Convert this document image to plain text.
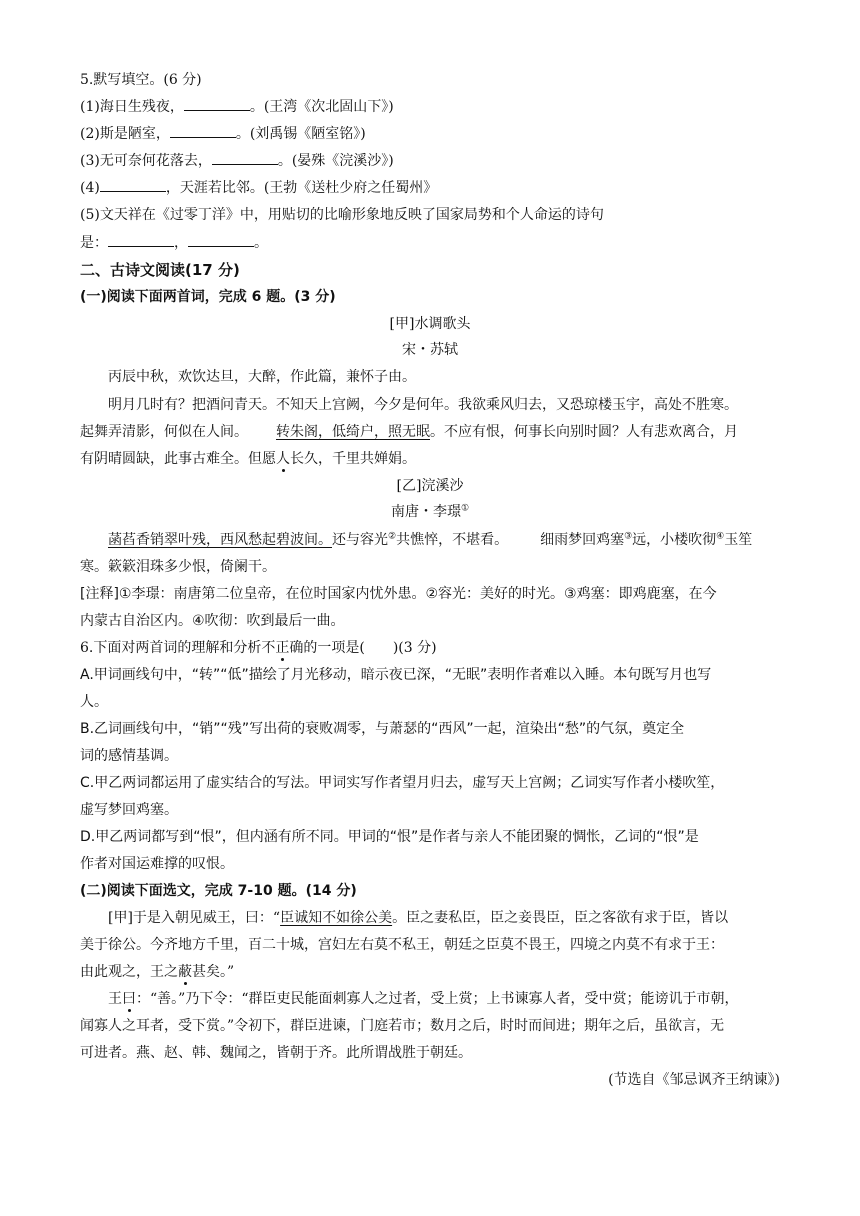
5.默写填空。(6 分)
(1)海日生残夜，	。(王湾《次北固山下》)
(2)斯是陋室，	。(刘禹锡《陋室铭》)
(3)无可奈何花落去，	。(晏殊《浣溪沙》)
(4)	，天涯若比邻。(王勃《送杜少府之任蜀州》
(5)文天祥在《过零丁洋》中，用贴切的比喻形象地反映了国家局势和个人命运的诗句
是：	，	。
二、古诗文阅读(17 分)
(一)阅读下面两首词，完成 6 题。(3 分)
[甲]水调歌头
宋・苏轼
丙辰中秋，欢饮达旦，大醉，作此篇，兼怀子由。
明月几时有？把酒问青天。不知天上宫阙，今夕是何年。我欲乘风归去，又恐琼楼玉宇，高处不胜寒。
起舞弄清影，何似在人间。 转朱阁，低绮户，照无眠。不应有恨，何事长向别时圆？人有悲欢离合，月
有阴晴圆缺，此事古难全。但愿人长久，千里共婵娟。
[乙]浣溪沙
南唐・李璟①
菡萏香销翠叶残，西风愁起碧波间。还与容光②共憔悴，不堪看。 细雨梦回鸡塞③远，小楼吹彻④玉笙
寒。簌簌泪珠多少恨，倚阑干。
[注释]①李璟：南唐第二位皇帝，在位时国家内忧外患。②容光：美好的时光。③鸡塞：即鸡鹿塞，在今
内蒙古自治区内。④吹彻：吹到最后一曲。
6.下面对两首词的理解和分析不正确的一项是( )(3 分)
A.甲词画线句中，“转”“低”描绘了月光移动，暗示夜已深，“无眠”表明作者难以入睡。本句既写月也写
人。
B.乙词画线句中，“销”“残”写出荷的衰败凋零，与萧瑟的“西风”一起，渲染出“愁”的气氛，奠定全
词的感情基调。
C.甲乙两词都运用了虚实结合的写法。甲词实写作者望月归去，虚写天上宫阙；乙词实写作者小楼吹笙，
虚写梦回鸡塞。
D.甲乙两词都写到“恨”，但内涵有所不同。甲词的“恨”是作者与亲人不能团聚的惆怅，乙词的“恨”是
作者对国运难撑的叹恨。
(二)阅读下面选文，完成 7-10 题。(14 分)
[甲]于是入朝见威王，曰：“臣诚知不如徐公美。臣之妻私臣，臣之妾畏臣，臣之客欲有求于臣，皆以
美于徐公。今齐地方千里，百二十城，宫妇左右莫不私王，朝廷之臣莫不畏王，四境之内莫不有求于王：
由此观之，王之蔽甚矣。”
王曰：“善。”乃下令：“群臣吏民能面刺寡人之过者，受上赏；上书谏寡人者，受中赏；能谤讥于市朝，
闻寡人之耳者，受下赏。”令初下，群臣进谏，门庭若市；数月之后，时时而间进；期年之后，虽欲言，无
可进者。燕、赵、韩、魏闻之，皆朝于齐。此所谓战胜于朝廷。
(节选自《邹忌讽齐王纳谏》)
